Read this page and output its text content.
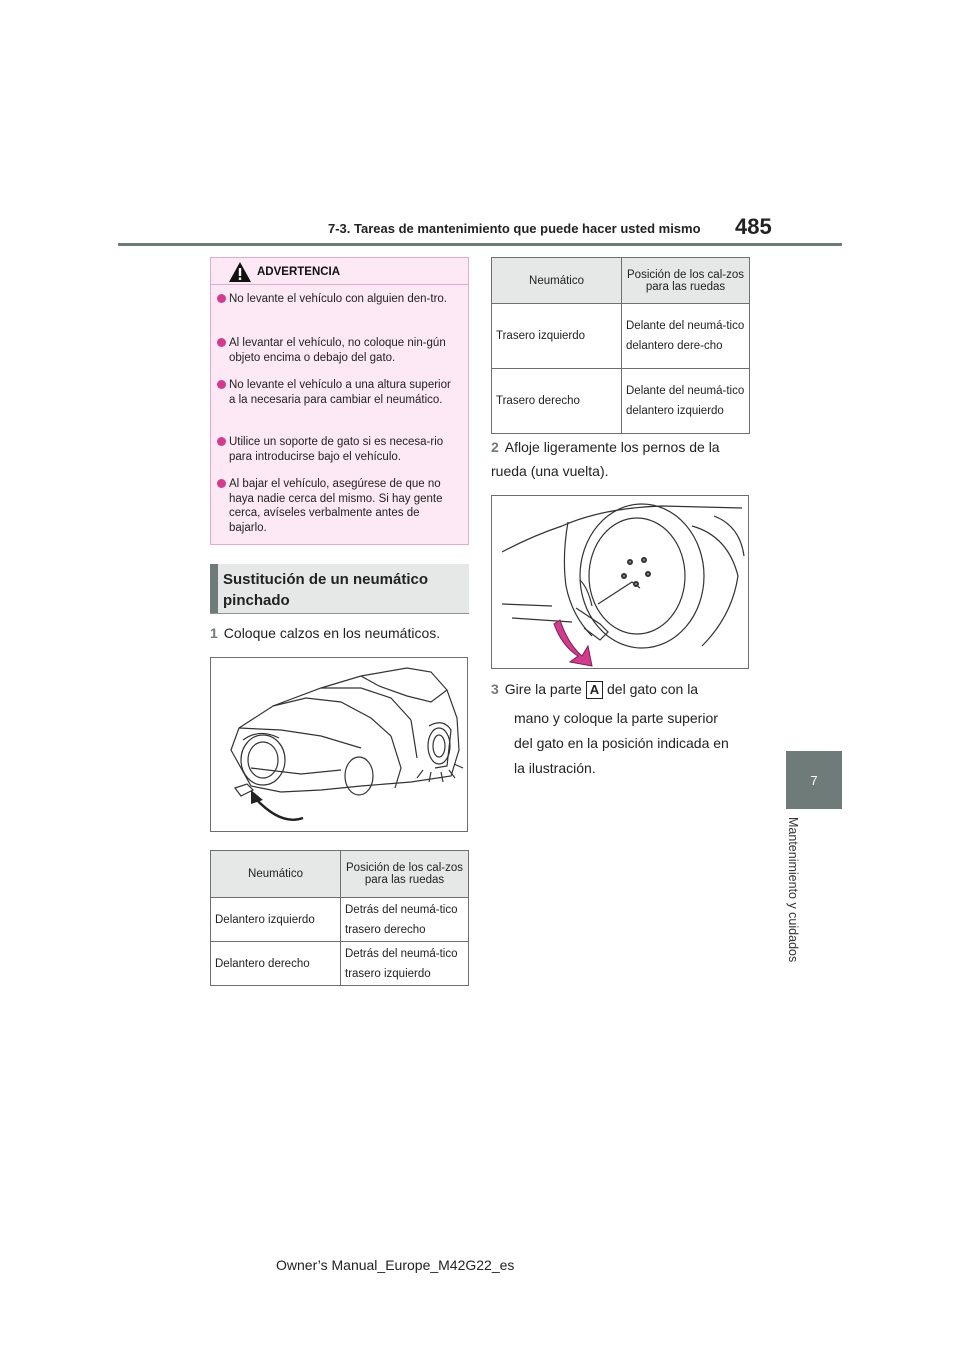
7-3. Tareas de mantenimiento que puede hacer usted mismo 485
7
Mantenimiento y cuidados
ADVERTENCIA
No levante el vehículo con alguien den-tro.
Al levantar el vehículo, no coloque nin-gún objeto encima o debajo del gato.
No levante el vehículo a una altura superior a la necesaria para cambiar el neumático.
Utilice un soporte de gato si es necesa-rio para introducirse bajo el vehículo.
Al bajar el vehículo, asegúrese de que no haya nadie cerca del mismo. Si hay gente cerca, avíseles verbalmente antes de bajarlo.
Sustitución de un neumático pinchado
1 Coloque calzos en los neumáticos.
Neumático	Posición de los cal-zos para las ruedas
Delantero izquierdo	Detrás del neumá-tico trasero derecho
Delantero derecho	Detrás del neumá-tico trasero izquierdo
Neumático	Posición de los cal-zos para las ruedas
Trasero izquierdo	Delante del neumá-tico delantero dere-cho
Trasero derecho	Delante del neumá-tico delantero izquierdo
2 Afloje ligeramente los pernos de la rueda (una vuelta).
3 Gire la parte A del gato con la

mano y coloque la parte superior

del gato en la posición indicada en

la ilustración.

Owner’s Manual_Europe_M42G22_es
